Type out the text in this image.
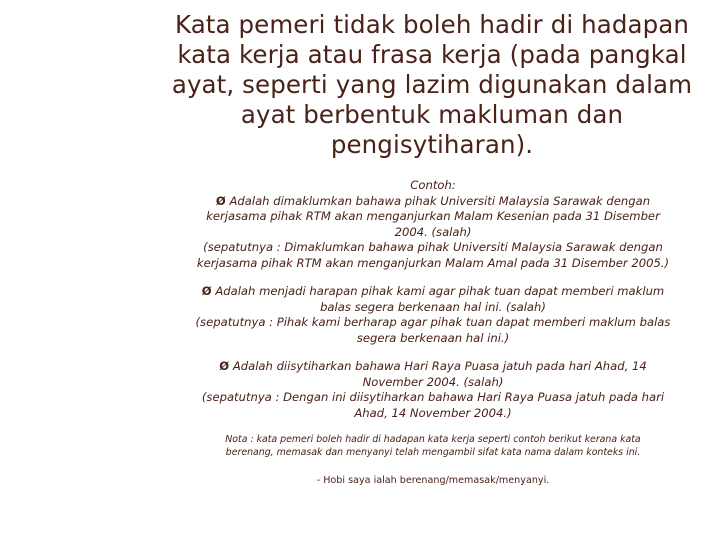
Kata pemeri tidak boleh hadir di hadapan
kata kerja atau frasa kerja (pada pangkal
ayat, seperti yang lazim digunakan dalam
ayat berbentuk makluman dan
pengisytiharan).
Contoh:
Ø Adalah dimaklumkan bahawa pihak Universiti Malaysia Sarawak dengan
kerjasama pihak RTM akan menganjurkan Malam Kesenian pada 31 Disember
2004. (salah)
(sepatutnya : Dimaklumkan bahawa pihak Universiti Malaysia Sarawak dengan
kerjasama pihak RTM akan menganjurkan Malam Amal pada 31 Disember 2005.)
Ø Adalah menjadi harapan pihak kami agar pihak tuan dapat memberi maklum
balas segera berkenaan hal ini. (salah)
(sepatutnya : Pihak kami berharap agar pihak tuan dapat memberi maklum balas
segera berkenaan hal ini.)
Ø Adalah diisytiharkan bahawa Hari Raya Puasa jatuh pada hari Ahad, 14
November 2004. (salah)
(sepatutnya : Dengan ini diisytiharkan bahawa Hari Raya Puasa jatuh pada hari
Ahad, 14 November 2004.)
Nota : kata pemeri boleh hadir di hadapan kata kerja seperti contoh berikut kerana kata
berenang, memasak dan menyanyi telah mengambil sifat kata nama dalam konteks ini.
- Hobi saya ialah berenang/memasak/menyanyi.
